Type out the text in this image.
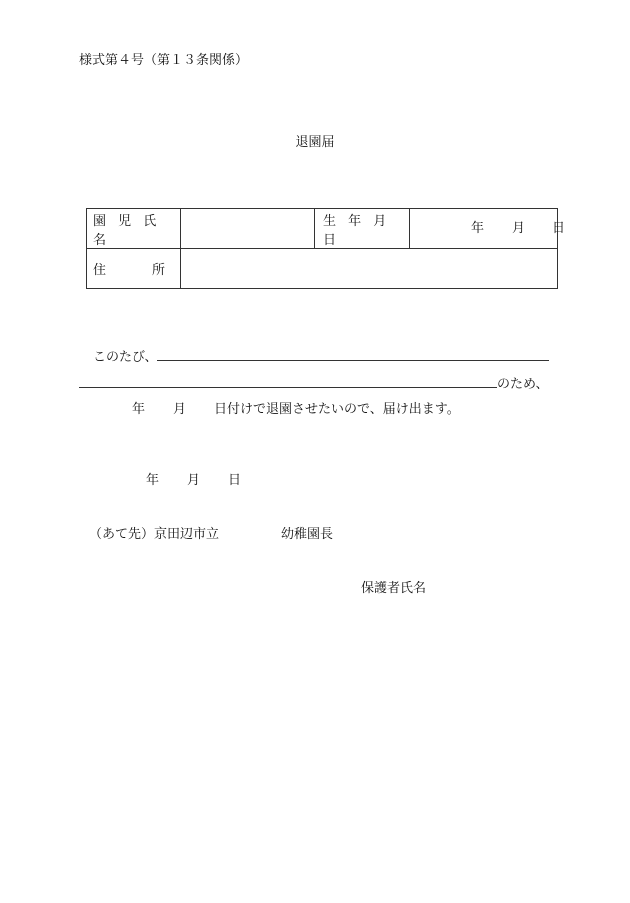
様式第４号（第１３条関係）
退園届
園 児 氏 名		生 年 月 日	年 月 日

住 所			

このたび、
のため、
年 月 日付けで退園させたいので、届け出ます。
年 月 日
（あて先）京田辺市立	幼稚園長
保護者氏名
